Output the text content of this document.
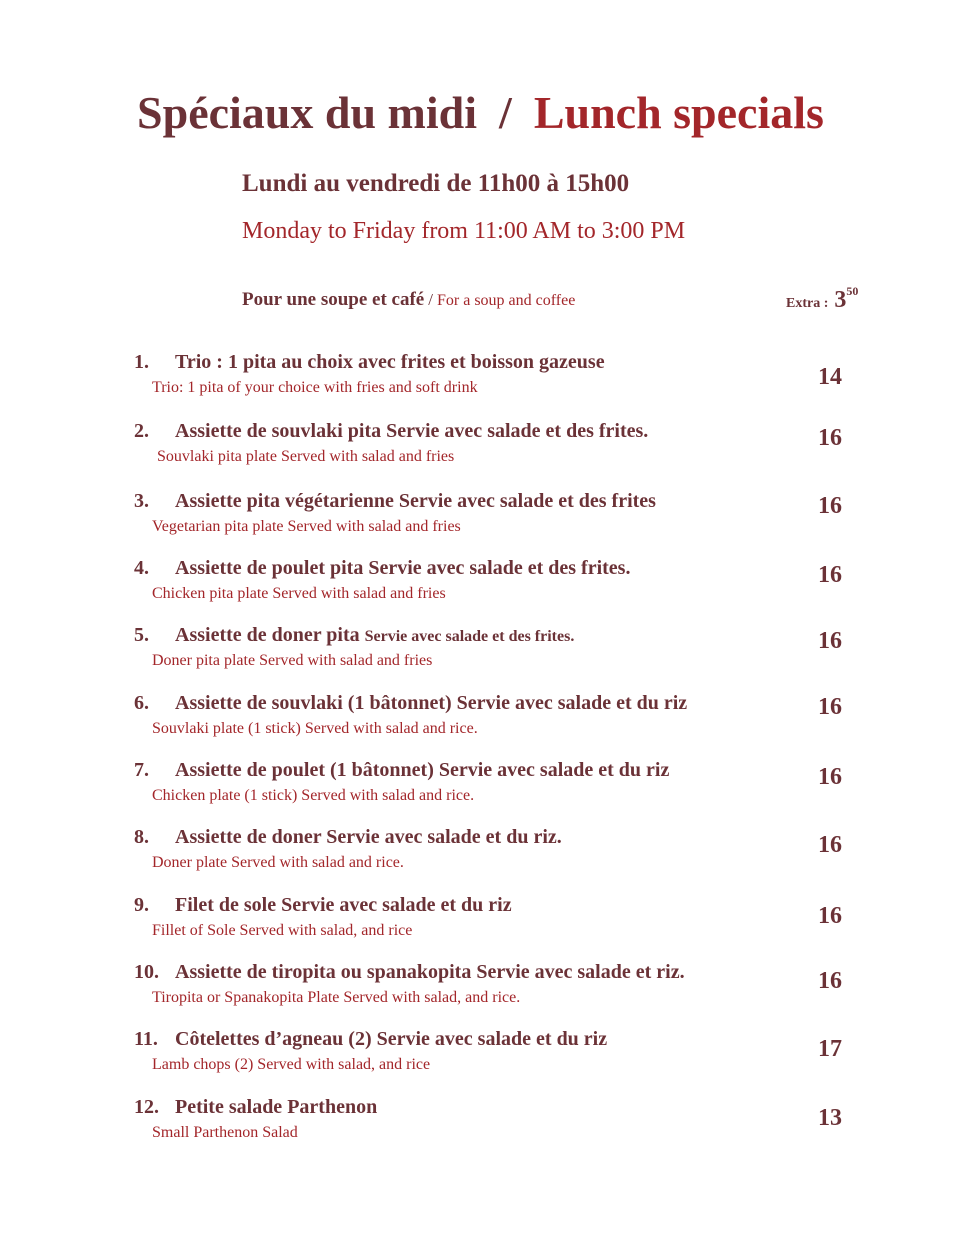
Spéciaux du midi / Lunch specials
Lundi au vendredi de 11h00 à 15h00
Monday to Friday from 11:00 AM to 3:00 PM
Pour une soupe et café / For a soup and coffee	Extra : $3^{50}$
1. Trio : 1 pita au choix avec frites et boisson gazeuse
Trio: 1 pita of your choice with fries and soft drink	14
2. Assiette de souvlaki pita Servie avec salade et des frites.
Souvlaki pita plate Served with salad and fries
16
3. Assiette pita végétarienne Servie avec salade et des frites
Vegetarian pita plate Served with salad and fries
16
4. Assiette de poulet pita Servie avec salade et des frites.
Chicken pita plate Served with salad and fries
16
5. Assiette de doner pita Servie avec salade et des frites.
Doner pita plate Served with salad and fries
16
6. Assiette de souvlaki (1 bâtonnet) Servie avec salade et du riz
Souvlaki plate (1 stick) Served with salad and rice.
16
7. Assiette de poulet (1 bâtonnet) Servie avec salade et du riz
Chicken plate (1 stick) Served with salad and rice.
16
8. Assiette de doner Servie avec salade et du riz.
Doner plate Served with salad and rice.
16
9. Filet de sole Servie avec salade et du riz
Fillet of Sole Served with salad, and rice
16
10. Assiette de tiropita ou spanakopita Servie avec salade et riz.
Tiropita or Spanakopita Plate Served with salad, and rice.
16
11. Côtelettes d’agneau (2) Servie avec salade et du riz
Lamb chops (2) Served with salad, and rice
17
12. Petite salade Parthenon
Small Parthenon Salad
13
